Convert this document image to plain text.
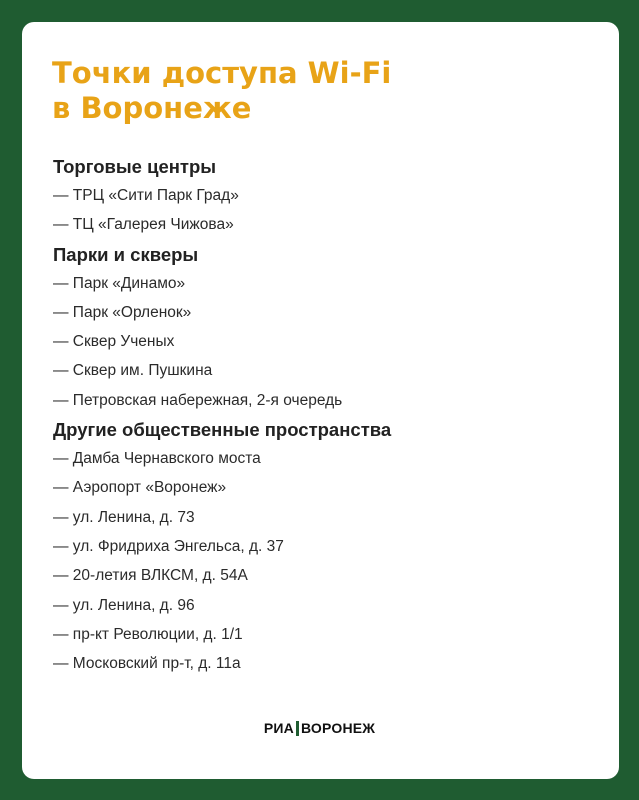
Точки доступа Wi-Fi
в Воронеже
Торговые центры
— ТРЦ «Сити Парк Град»
— ТЦ «Галерея Чижова»
Парки и скверы
— Парк «Динамо»
— Парк «Орленок»
— Сквер Ученых
— Сквер им. Пушкина
— Петровская набережная, 2-я очередь
Другие общественные пространства
— Дамба Чернавского моста
— Аэропорт «Воронеж»
— ул. Ленина, д. 73
— ул. Фридриха Энгельса, д. 37
— 20-летия ВЛКСМ, д. 54А
— ул. Ленина, д. 96
— пр-кт Революции, д. 1/1
— Московский пр-т, д. 11а
РИА ВОРОНЕЖ
